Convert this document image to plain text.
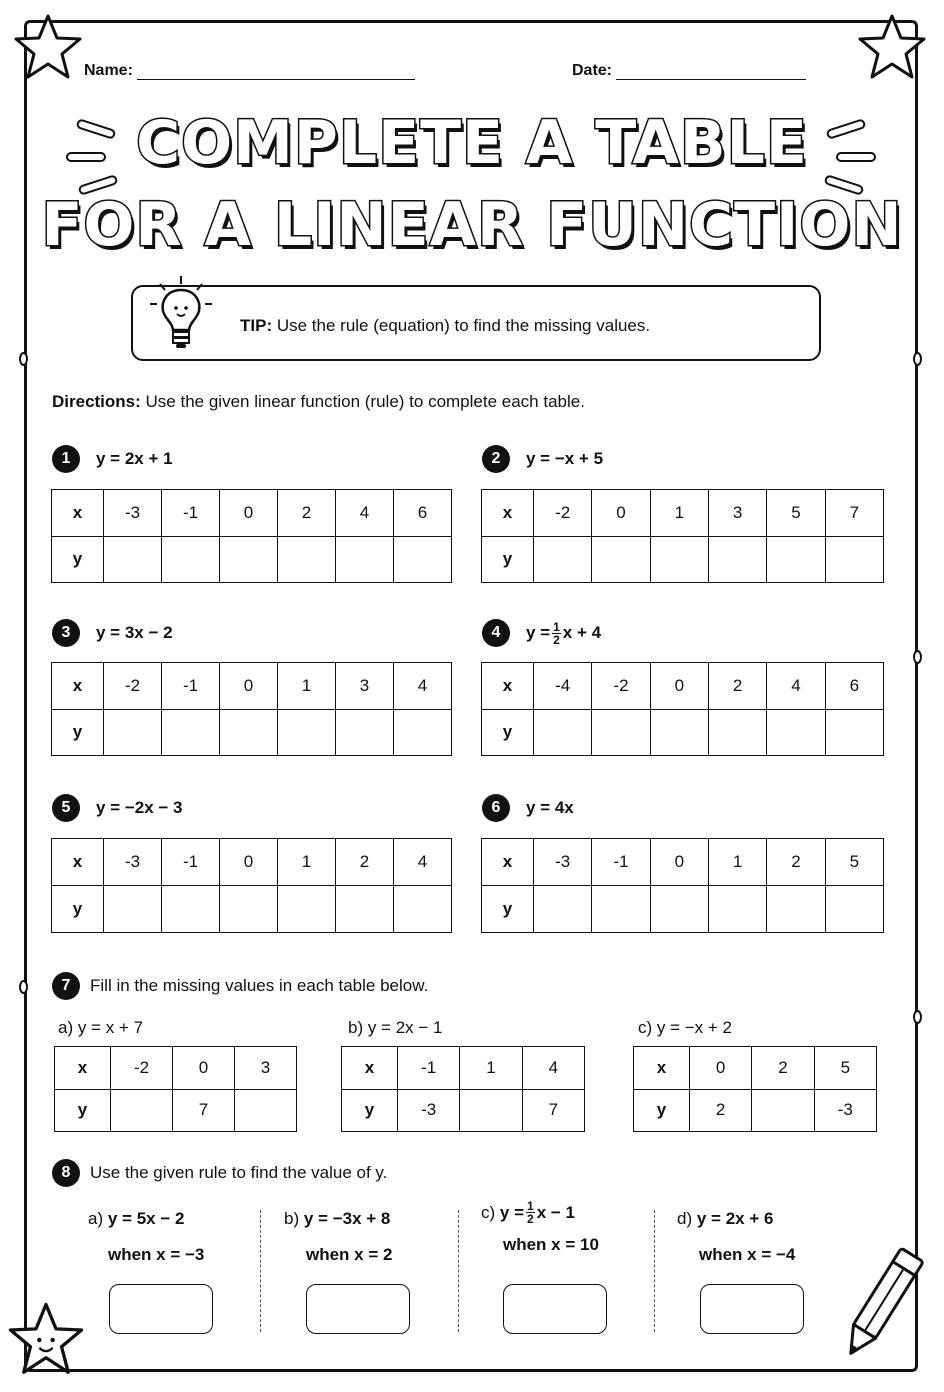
Name:	Date:
COMPLETE A TABLE
FOR A LINEAR FUNCTION
TIP: Use the rule (equation) to find the missing values.
Directions: Use the given linear function (rule) to complete each table.
1	y = 2x + 1	2	y = −x + 5
3	y = 3x − 2	4	$y = \frac{1}{2}$ x + 4
5	y = −2x − 3	6	y = 4x
x	-3	-1	0	2	4	6
y						
x	-2	0	1	3	5	7
y						
x	-2	-1	0	1	3	4
y						
x	-4	-2	0	2	4	6
y						
x	-3	-1	0	1	2	4
y						
x	-3	-1	0	1	2	5
y						
7	Fill in the missing values in each table below.
a) y = x + 7	b) y = 2x − 1	c) y = −x + 2
x	-2	0	3
y		7	
x	-1	1	4
y	-3		7
x	0	2	5
y	2		-3
8	Use the given rule to find the value of y.
a) y = 5x − 2
when x = −3
b) y = −3x + 8
when x = 2
c)
$y = \frac{1}{2}$ x − 1
when x = 10
d) y = 2x + 6
when x = −4
